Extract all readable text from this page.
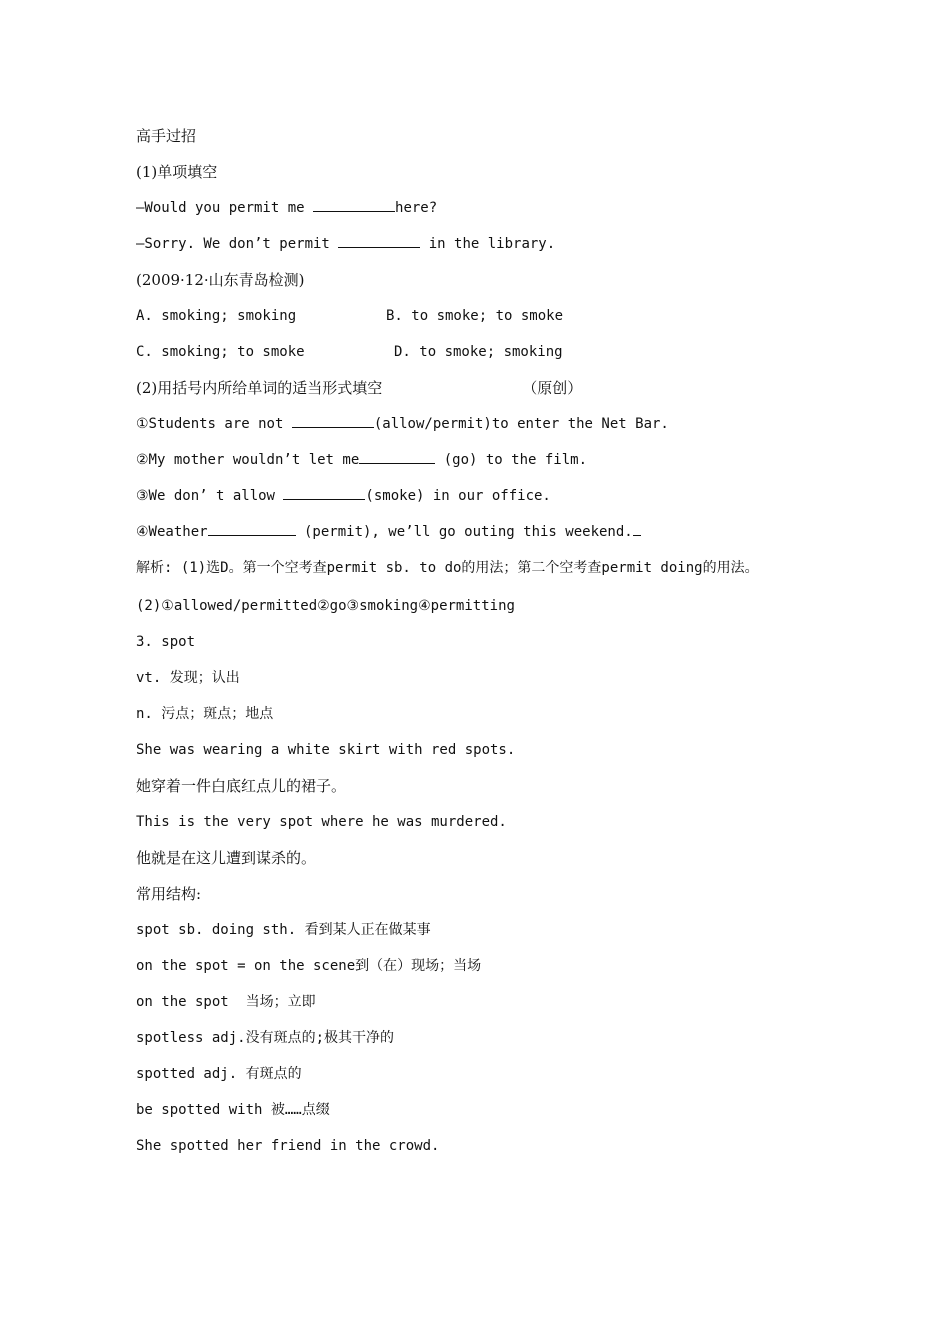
高手过招
(1)单项填空
—Would you permit me	here?
—Sorry. We don’t permit	in the library.
(2009·12·山东青岛检测)
A. smoking; smoking	B. to smoke; to smoke
C. smoking; to smoke	D. to smoke; smoking
(2)用括号内所给单词的适当形式填空	（原创）
①Students are not	(allow/permit)to enter the Net Bar.
②My mother wouldn’t let me	(go) to the film.
③We don’ t allow	(smoke) in our office.
④Weather	(permit), we’ll go outing this weekend.
解析: (1)选D。第一个空考查permit sb. to do的用法；第二个空考查permit doing的用法。
(2)①allowed/permitted②go③smoking④permitting
3. spot
vt. 发现；认出
n. 污点；斑点；地点
She was wearing a white skirt with red spots.
她穿着一件白底红点儿的裙子。
This is the very spot where he was murdered.
他就是在这儿遭到谋杀的。
常用结构:
spot sb. doing sth. 看到某人正在做某事
on the spot = on the scene到（在）现场；当场
on the spot  当场；立即
spotless adj.没有斑点的;极其干净的
spotted adj. 有斑点的
be spotted with 被……点缀
She spotted her friend in the crowd.
